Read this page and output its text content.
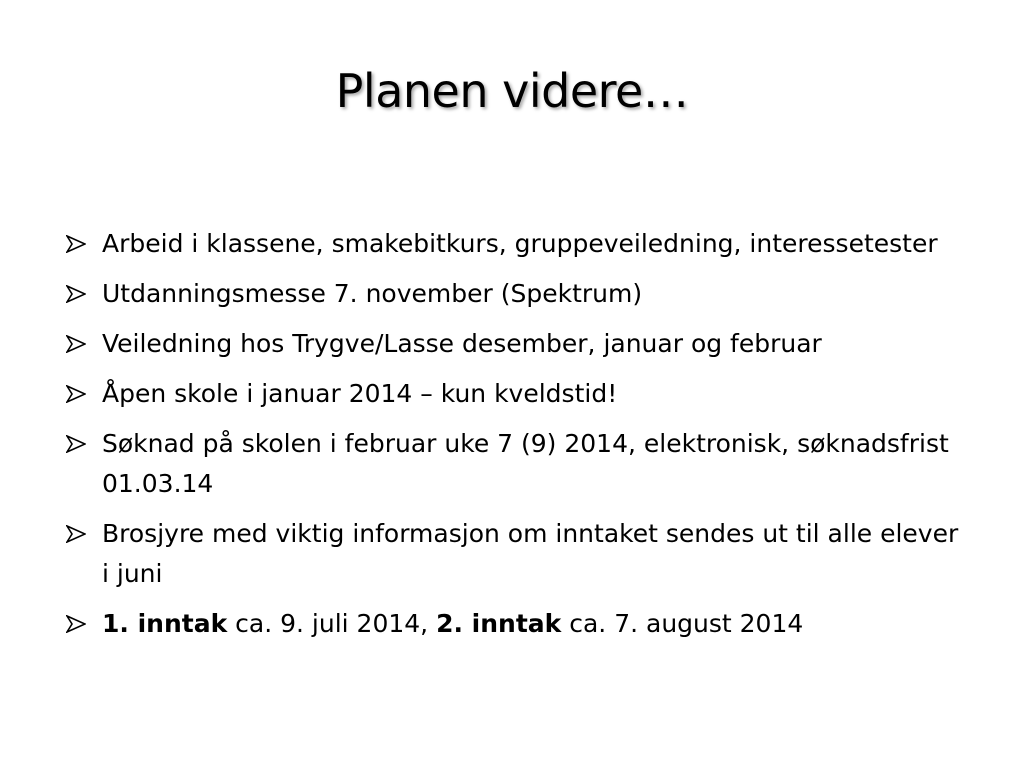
Planen videre…
Arbeid i klassene, smakebitkurs, gruppeveiledning, interessetester
Utdanningsmesse 7. november (Spektrum)
Veiledning hos Trygve/Lasse desember, januar og februar
Åpen skole i januar 2014 – kun kveldstid!
Søknad på skolen i februar uke 7 (9) 2014, elektronisk, søknadsfrist 01.03.14
Brosjyre med viktig informasjon om inntaket sendes ut til alle elever i juni
1. inntak ca. 9. juli 2014, 2. inntak ca. 7. august 2014
